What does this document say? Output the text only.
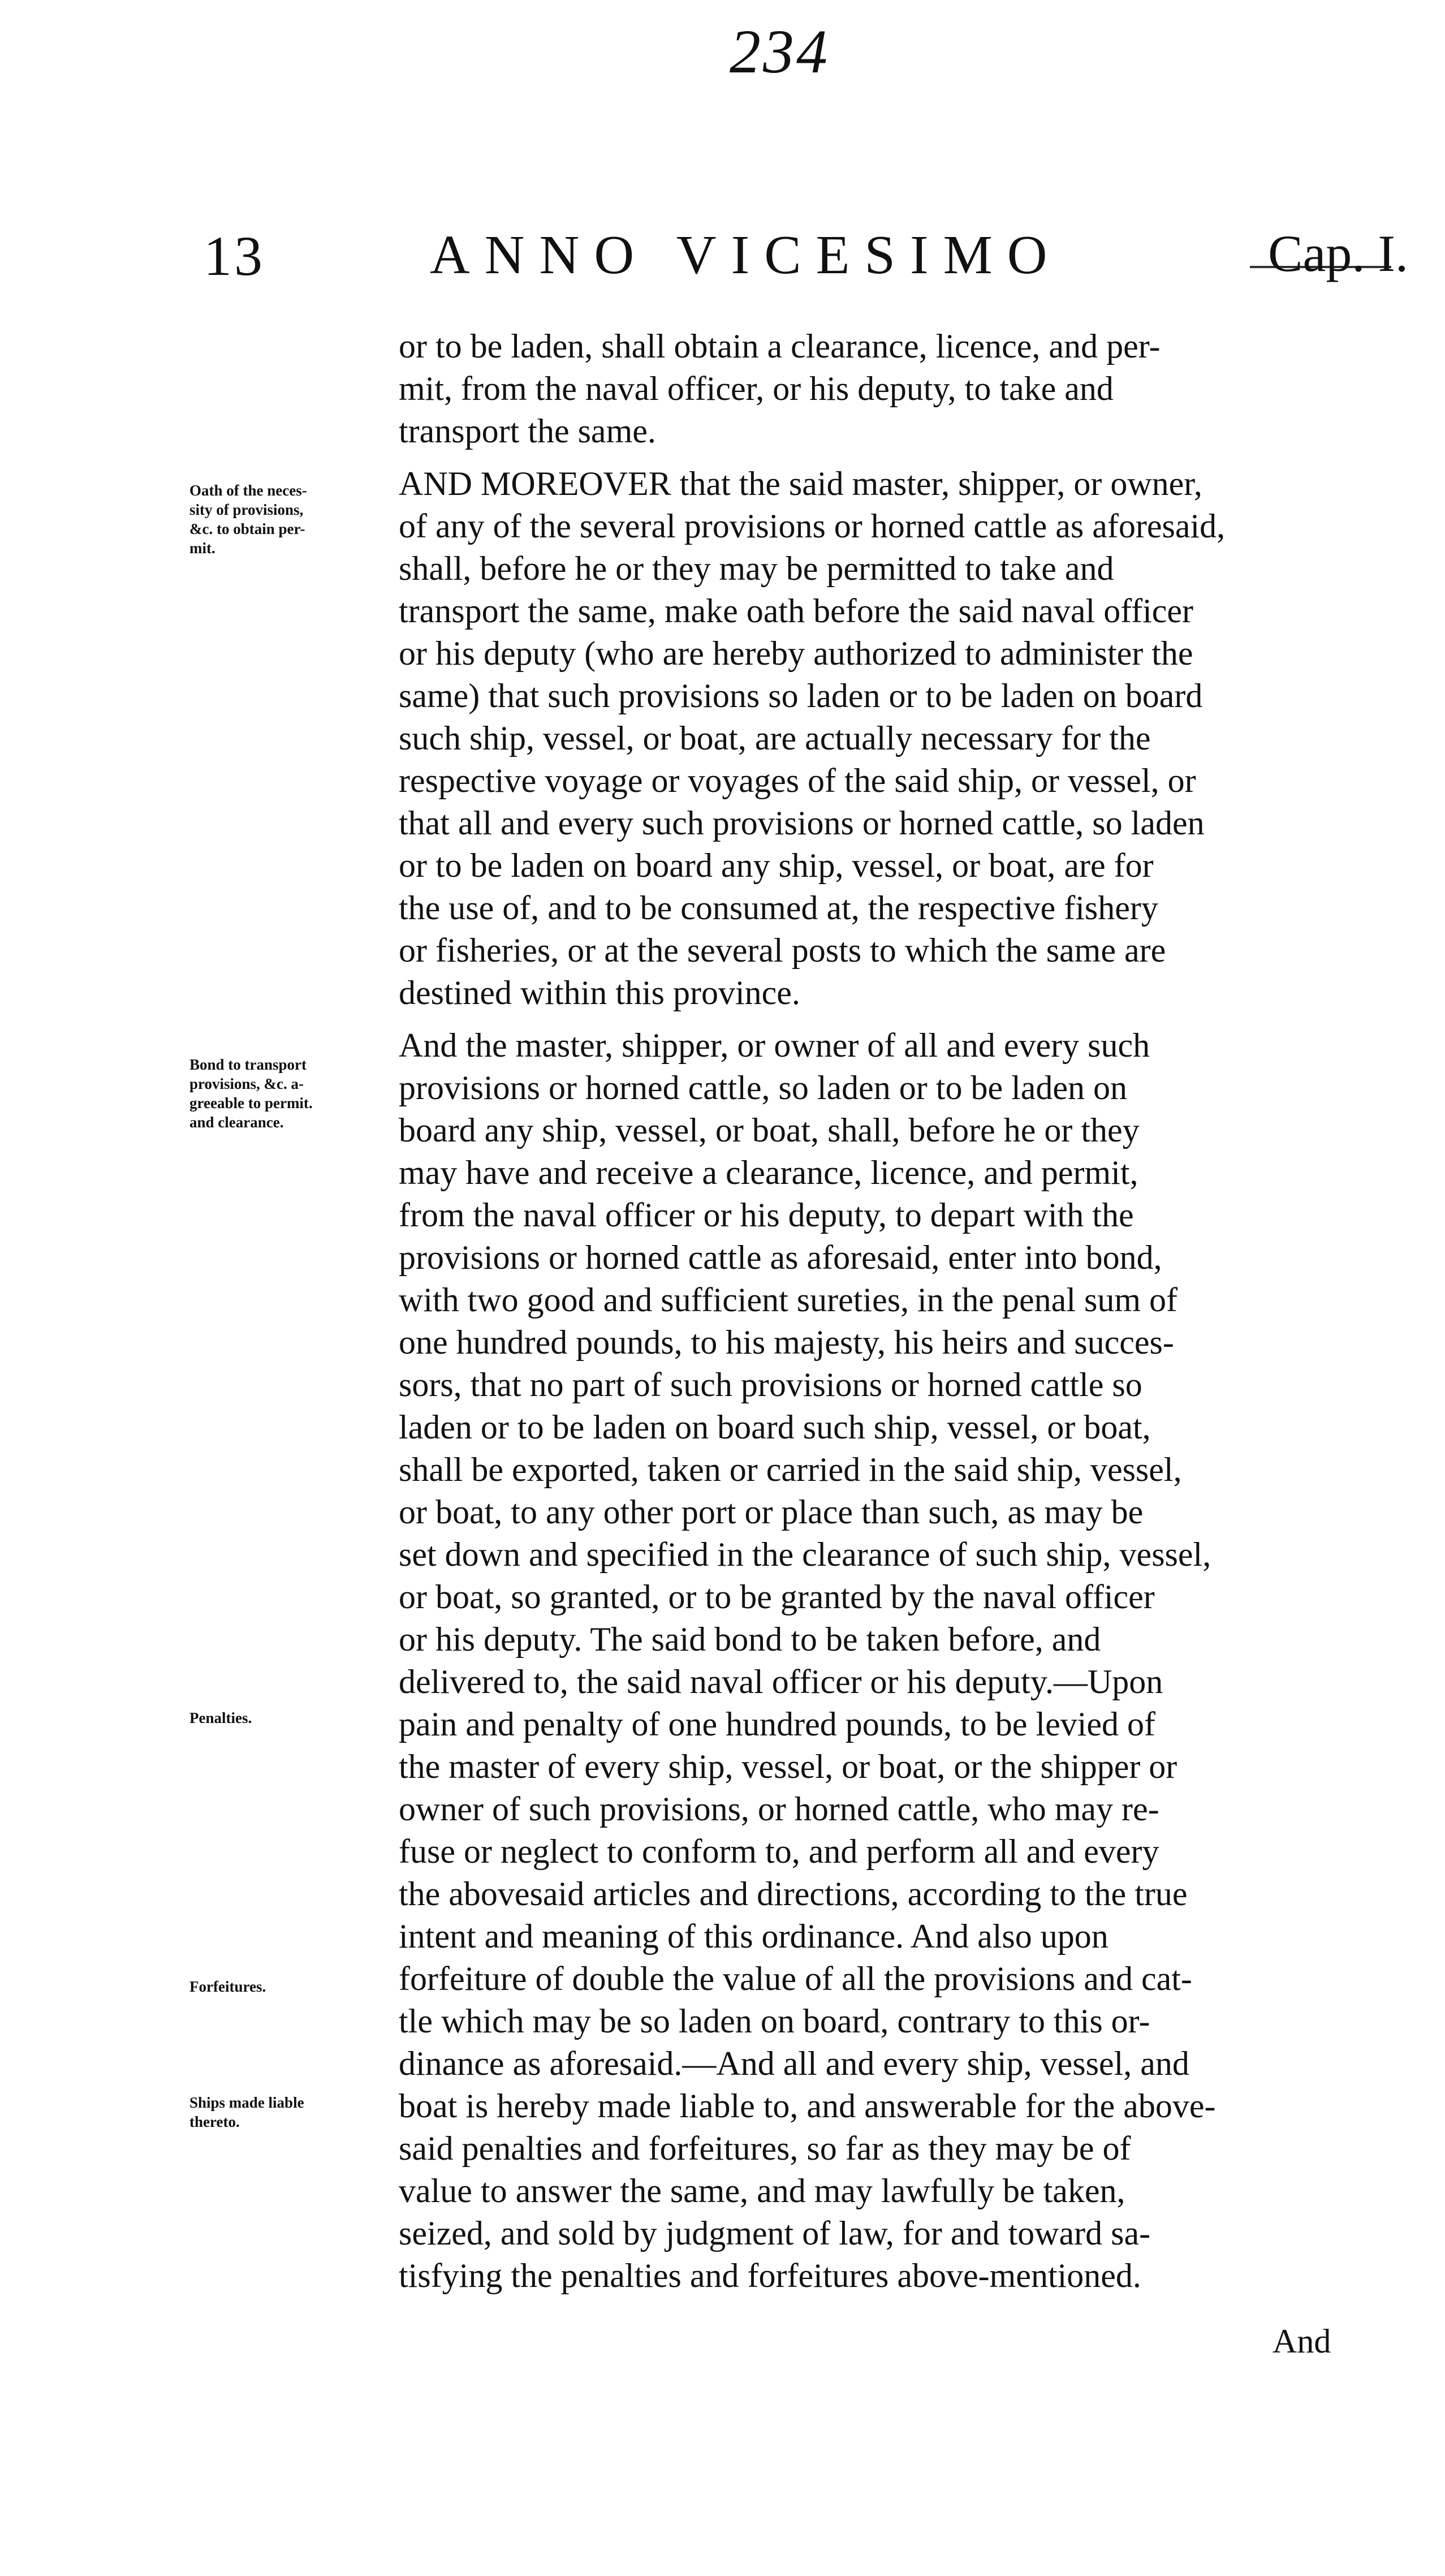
234
13	ANNO VICESIMO	Cap. I.
Oath of the neces-
sity of provisions,
&c. to obtain per-
mit.
Bond to transport
provisions, &c. a-
greeable to permit.
and clearance.
Penalties.
Forfeitures.
Ships made liable
thereto.

or to be laden, shall obtain a clearance, licence, and per-
mit, from the naval officer, or his deputy, to take and
transport the same.

AND MOREOVER that the said master, shipper, or owner,
of any of the several provisions or horned cattle as aforesaid,
shall, before he or they may be permitted to take and
transport the same, make oath before the said naval officer
or his deputy (who are hereby authorized to administer the
same) that such provisions so laden or to be laden on board
such ship, vessel, or boat, are actually necessary for the
respective voyage or voyages of the said ship, or vessel, or
that all and every such provisions or horned cattle, so laden
or to be laden on board any ship, vessel, or boat, are for
the use of, and to be consumed at, the respective fishery
or fisheries, or at the several posts to which the same are
destined within this province.

And the master, shipper, or owner of all and every such
provisions or horned cattle, so laden or to be laden on
board any ship, vessel, or boat, shall, before he or they
may have and receive a clearance, licence, and permit,
from the naval officer or his deputy, to depart with the
provisions or horned cattle as aforesaid, enter into bond,
with two good and sufficient sureties, in the penal sum of
one hundred pounds, to his majesty, his heirs and succes-
sors, that no part of such provisions or horned cattle so
laden or to be laden on board such ship, vessel, or boat,
shall be exported, taken or carried in the said ship, vessel,
or boat, to any other port or place than such, as may be
set down and specified in the clearance of such ship, vessel,
or boat, so granted, or to be granted by the naval officer
or his deputy. The said bond to be taken before, and
delivered to, the said naval officer or his deputy.—Upon
pain and penalty of one hundred pounds, to be levied of
the master of every ship, vessel, or boat, or the shipper or
owner of such provisions, or horned cattle, who may re-
fuse or neglect to conform to, and perform all and every
the abovesaid articles and directions, according to the true
intent and meaning of this ordinance. And also upon
forfeiture of double the value of all the provisions and cat-
tle which may be so laden on board, contrary to this or-
dinance as aforesaid.—And all and every ship, vessel, and
boat is hereby made liable to, and answerable for the above-
said penalties and forfeitures, so far as they may be of
value to answer the same, and may lawfully be taken,
seized, and sold by judgment of law, for and toward sa-
tisfying the penalties and forfeitures above-mentioned.

And
